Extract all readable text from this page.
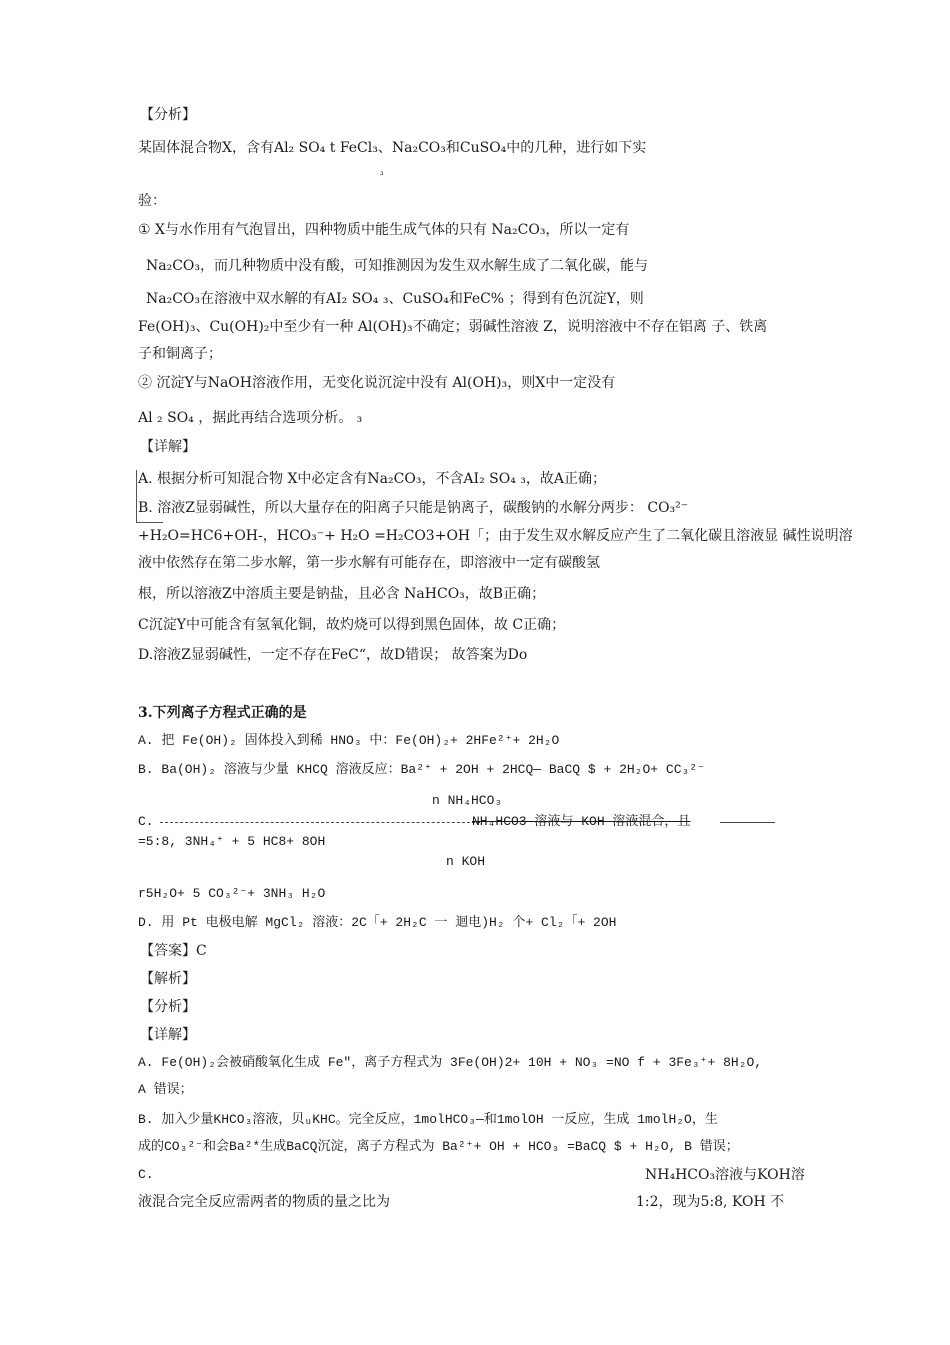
【分析】
某固体混合物X，含有Al₂ SO₄ t FeCl₃、Na₂CO₃和CuSO₄中的几种，进行如下实
₃
验：
① X与水作用有气泡冒出，四种物质中能生成气体的只有 Na₂CO₃，所以一定有
Na₂CO₃，而几种物质中没有酸，可知推测因为发生双水解生成了二氧化碳，能与
Na₂CO₃在溶液中双水解的有AI₂ SO₄ ₃、CuSO₄和FeC% ；得到有色沉淀Y，则
Fe(OH)₃、Cu(OH)₂中至少有一种 Al(OH)₃不确定；弱碱性溶液 Z，说明溶液中不存在铝离 子、铁离
子和铜离子；
② 沉淀Y与NaOH溶液作用，无变化说沉淀中没有 Al(OH)₃，则X中一定没有
Al ₂ SO₄ ，据此再结合选项分析。 ₃
【详解】
A. 根据分析可知混合物 X中必定含有Na₂CO₃，不含AI₂ SO₄ ₃，故A正确；
B. 溶液Z显弱碱性，所以大量存在的阳离子只能是钠离子，碳酸钠的水解分两步： CO₃²⁻
+H₂O=HC6+OH-，HCO₃⁻+ H₂O =H₂CO3+OH「；由于发生双水解反应产生了二氧化碳且溶液显 碱性说明溶
液中依然存在第二步水解，第一步水解有可能存在，即溶液中一定有碳酸氢
根，所以溶液Z中溶质主要是钠盐，且必含 NaHCO₃，故B正确；
C沉淀Y中可能含有氢氧化铜，故灼烧可以得到黑色固体，故 C正确；
D.溶液Z显弱碱性，一定不存在FeC“，故D错误； 故答案为Do
3.下列离子方程式正确的是
A. 把 Fe(OH)₂ 固体投入到稀 HNO₃ 中：Fe(OH)₂+ 2HFe²⁺+ 2H₂O
B. Ba(OH)₂ 溶液与少量 KHCQ 溶液反应：Ba²⁺ + 2OH + 2HCQ— BaCQ $ + 2H₂O+ CC₃²⁻
n NH₄HCO₃
C.	NH₄HCO3 溶液与 KOH 溶液混合，且
=5:8, 3NH₄⁺ + 5 HC8+ 8OH
n KOH
r5H₂O+ 5 CO₃²⁻+ 3NH₃ H₂O
D. 用 Pt 电极电解 MgCl₂ 溶液：2C「+ 2H₂C 一 迴电)H₂ 个+ Cl₂「+ 2OH
【答案】C
【解析】
【分析】
【详解】
A. Fe(OH)₂会被硝酸氧化生成 Fe"，离子方程式为 3Fe(OH)2+ 10H + NO₃ =NO f + 3Fe₃⁺+ 8H₂O,
A 错误；
B. 加入少量KHCO₃溶液，贝ᵤKHC。完全反应，1molHCO₃—和1molOH 一反应，生成 1molH₂O，生
成的CO₃²⁻和会Ba²*生成BaCQ沉淀，离子方程式为 Ba²⁺+ OH + HCO₃ =BaCQ $ + H₂O, B 错误；
C.	NH₄HCO₃溶液与KOH溶
液混合完全反应需两者的物质的量之比为	1:2，现为5:8, KOH 不
